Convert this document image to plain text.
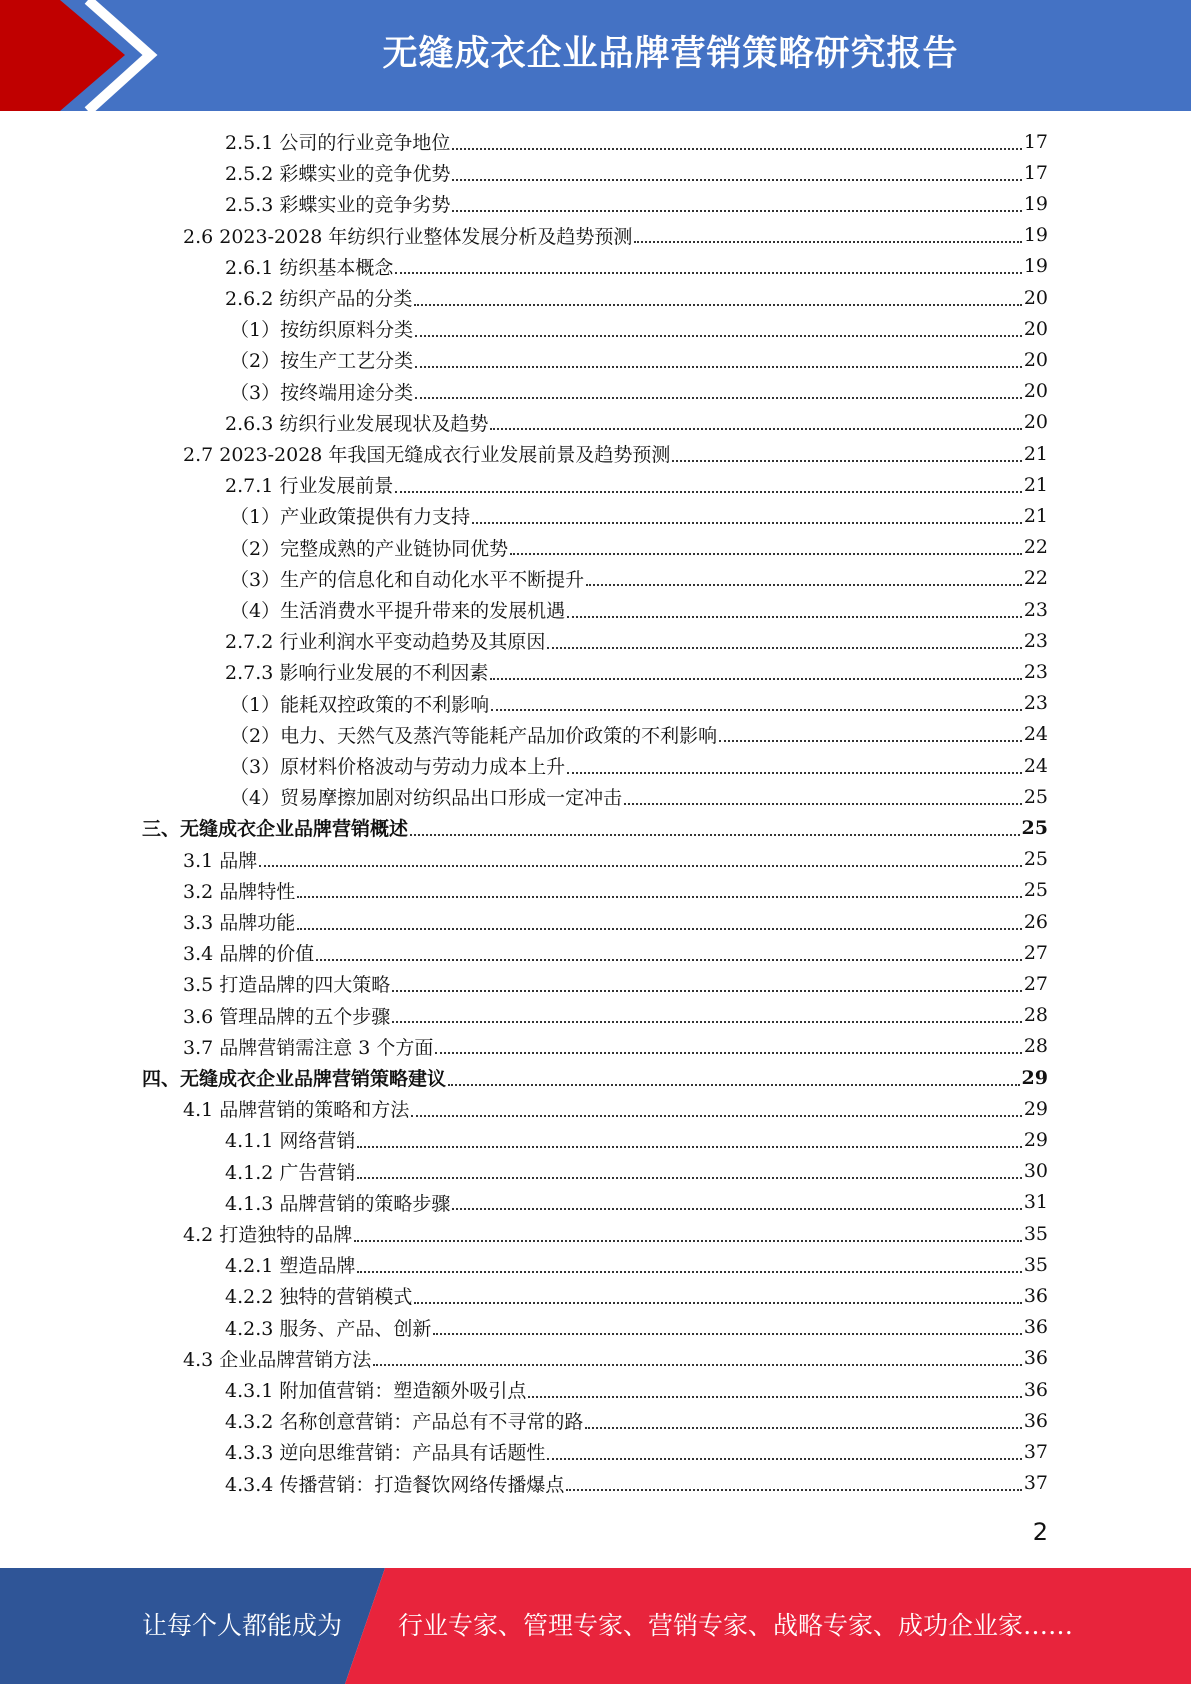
无缝成衣企业品牌营销策略研究报告
2.5.1 公司的行业竞争地位	17
2.5.2 彩蝶实业的竞争优势	17
2.5.3 彩蝶实业的竞争劣势	19
2.6 2023-2028 年纺织行业整体发展分析及趋势预测	19
2.6.1 纺织基本概念	19
2.6.2 纺织产品的分类	20
（1）按纺织原料分类	20
（2）按生产工艺分类	20
（3）按终端用途分类	20
2.6.3 纺织行业发展现状及趋势	20
2.7 2023-2028 年我国无缝成衣行业发展前景及趋势预测	21
2.7.1 行业发展前景	21
（1）产业政策提供有力支持	21
（2）完整成熟的产业链协同优势	22
（3）生产的信息化和自动化水平不断提升	22
（4）生活消费水平提升带来的发展机遇	23
2.7.2 行业利润水平变动趋势及其原因	23
2.7.3 影响行业发展的不利因素	23
（1）能耗双控政策的不利影响	23
（2）电力、天然气及蒸汽等能耗产品加价政策的不利影响	24
（3）原材料价格波动与劳动力成本上升	24
（4）贸易摩擦加剧对纺织品出口形成一定冲击	25
三、无缝成衣企业品牌营销概述	25
3.1 品牌	25
3.2 品牌特性	25
3.3 品牌功能	26
3.4 品牌的价值	27
3.5 打造品牌的四大策略	27
3.6 管理品牌的五个步骤	28
3.7 品牌营销需注意 3 个方面	28
四、无缝成衣企业品牌营销策略建议	29
4.1 品牌营销的策略和方法	29
4.1.1 网络营销	29
4.1.2 广告营销	30
4.1.3 品牌营销的策略步骤	31
4.2 打造独特的品牌	35
4.2.1 塑造品牌	35
4.2.2 独特的营销模式	36
4.2.3 服务、产品、创新	36
4.3 企业品牌营销方法	36
4.3.1 附加值营销：塑造额外吸引点	36
4.3.2 名称创意营销：产品总有不寻常的路	36
4.3.3 逆向思维营销：产品具有话题性	37
4.3.4 传播营销：打造餐饮网络传播爆点	37
2
让每个人都能成为 行业专家、管理专家、营销专家、战略专家、成功企业家……
